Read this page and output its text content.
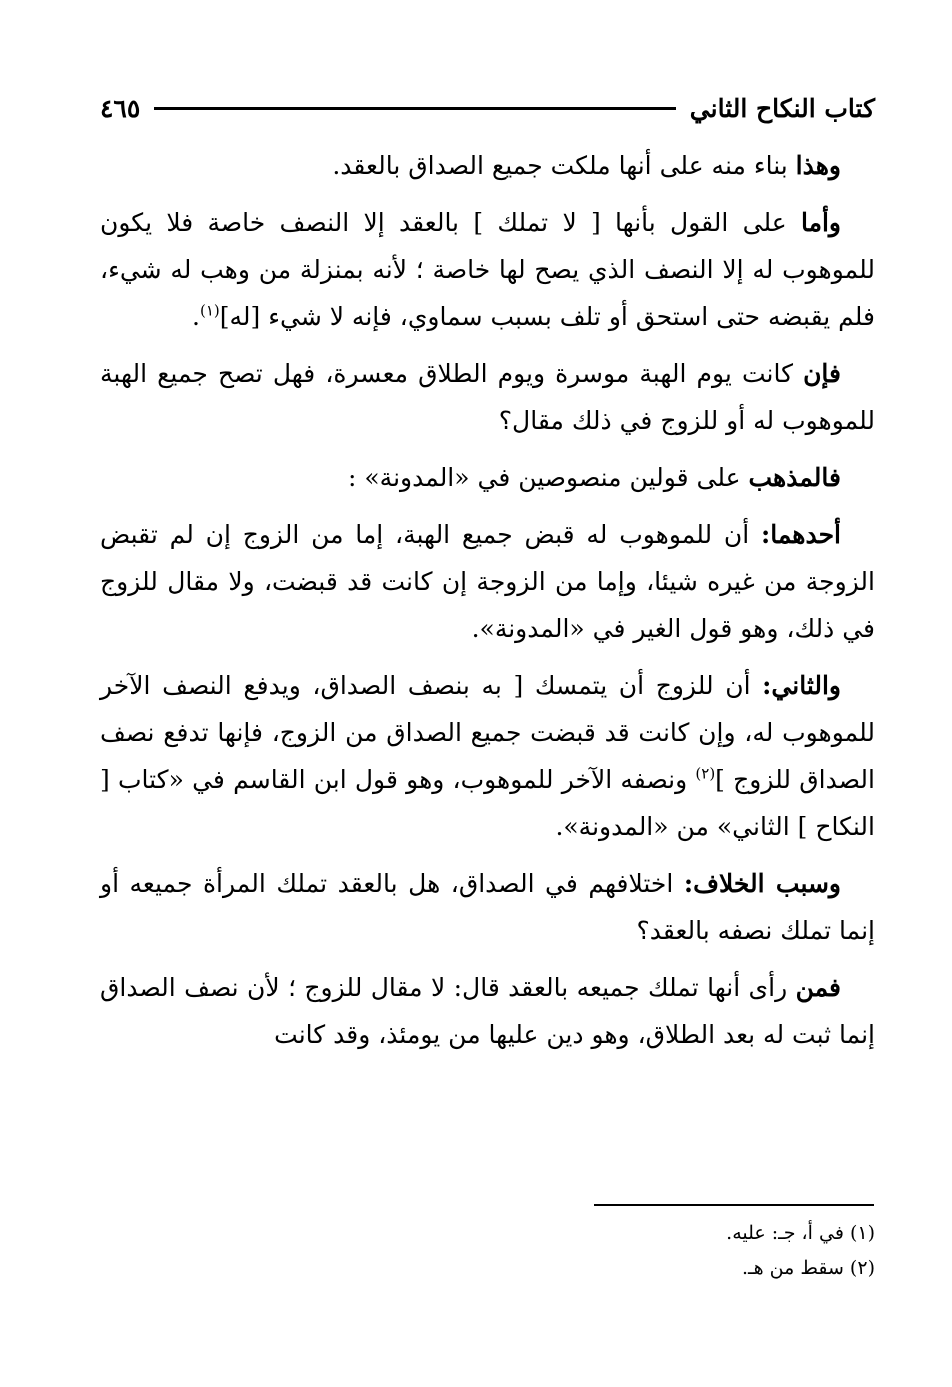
كتاب النكاح الثاني
٤٦٥

وهذا بناء منه على أنها ملكت جميع الصداق بالعقد.

وأما على القول بأنها [ لا تملك ] بالعقد إلا النصف خاصة فلا يكون للموهوب له إلا النصف الذي يصح لها خاصة ؛ لأنه بمنزلة من وهب له شيء، فلم يقبضه حتى استحق أو تلف بسبب سماوي، فإنه لا شيء [له]$^{(١)}$.

فإن كانت يوم الهبة موسرة ويوم الطلاق معسرة، فهل تصح جميع الهبة للموهوب له أو للزوج في ذلك مقال؟

فالمذهب على قولين منصوصين في «المدونة» :

أحدهما: أن للموهوب له قبض جميع الهبة، إما من الزوج إن لم تقبض الزوجة من غيره شيئا، وإما من الزوجة إن كانت قد قبضت، ولا مقال للزوج في ذلك، وهو قول الغير في «المدونة».

والثاني: أن للزوج أن يتمسك [ به بنصف الصداق، ويدفع النصف الآخر للموهوب له، وإن كانت قد قبضت جميع الصداق من الزوج، فإنها تدفع نصف الصداق للزوج ]$^{(٢)}$ ونصفه الآخر للموهوب، وهو قول ابن القاسم في «كتاب [ النكاح ] الثاني» من «المدونة».

وسبب الخلاف: اختلافهم في الصداق، هل بالعقد تملك المرأة جميعه أو إنما تملك نصفه بالعقد؟

فمن رأى أنها تملك جميعه بالعقد قال: لا مقال للزوج ؛ لأن نصف الصداق إنما ثبت له بعد الطلاق، وهو دين عليها من يومئذ، وقد كانت

(١) في أ، جـ: عليه.

(٢) سقط من هـ.
